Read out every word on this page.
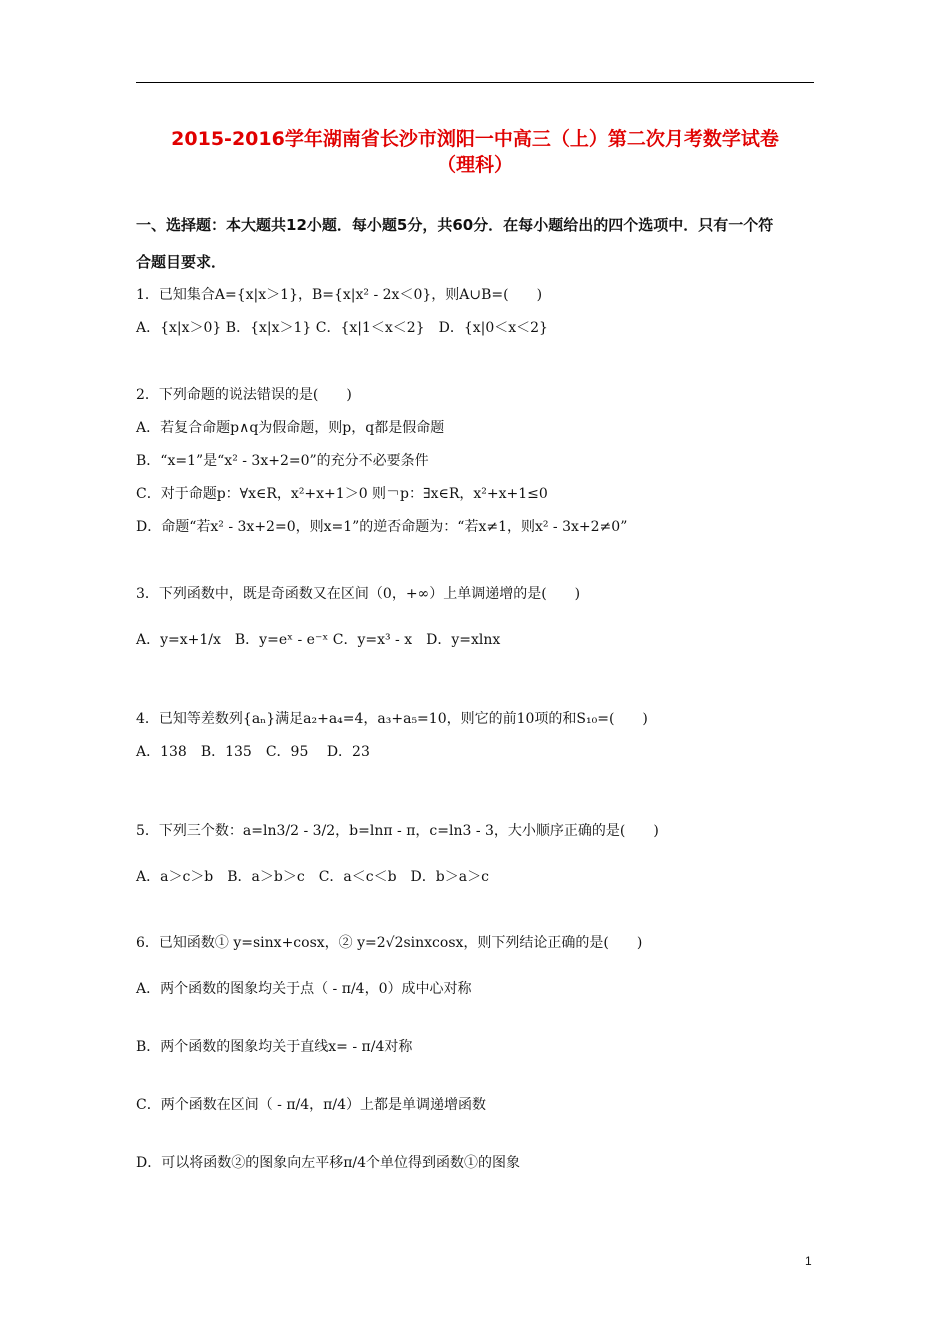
2015-2016学年湖南省长沙市浏阳一中高三（上）第二次月考数学试卷
（理科）
一、选择题：本大题共12小题．每小题5分，共60分．在每小题给出的四个选项中．只有一个符
合题目要求．
1．已知集合A={x|x＞1}，B={x|x² - 2x＜0}，则A∪B=(　　)
A．{x|x＞0} B．{x|x＞1} C．{x|1＜x＜2}　D．{x|0＜x＜2}
2．下列命题的说法错误的是(　　)
A．若复合命题p∧q为假命题，则p，q都是假命题
B．“x=1”是“x² - 3x+2=0”的充分不必要条件
C．对于命题p：∀x∈R，x²+x+1＞0 则￢p：∃x∈R，x²+x+1≤0
D．命题“若x² - 3x+2=0，则x=1”的逆否命题为：“若x≠1，则x² - 3x+2≠0”
3．下列函数中，既是奇函数又在区间（0，+∞）上单调递增的是(　　)
A．y=x+1/x　B．y=eˣ - e⁻ˣ C．y=x³ - x　D．y=xlnx
4．已知等差数列{aₙ}满足a₂+a₄=4，a₃+a₅=10，则它的前10项的和S₁₀=(　　)
A．138　B．135　C．95　 D．23
5．下列三个数：a=ln3/2 - 3/2，b=lnπ - π，c=ln3 - 3，大小顺序正确的是(　　)
A．a＞c＞b　B．a＞b＞c　C．a＜c＜b　D．b＞a＞c
6．已知函数① y=sinx+cosx，② y=2√2sinxcosx，则下列结论正确的是(　　)
A．两个函数的图象均关于点（ - π/4，0）成中心对称
B．两个函数的图象均关于直线x= - π/4对称
C．两个函数在区间（ - π/4，π/4）上都是单调递增函数
D．可以将函数②的图象向左平移π/4个单位得到函数①的图象
1
